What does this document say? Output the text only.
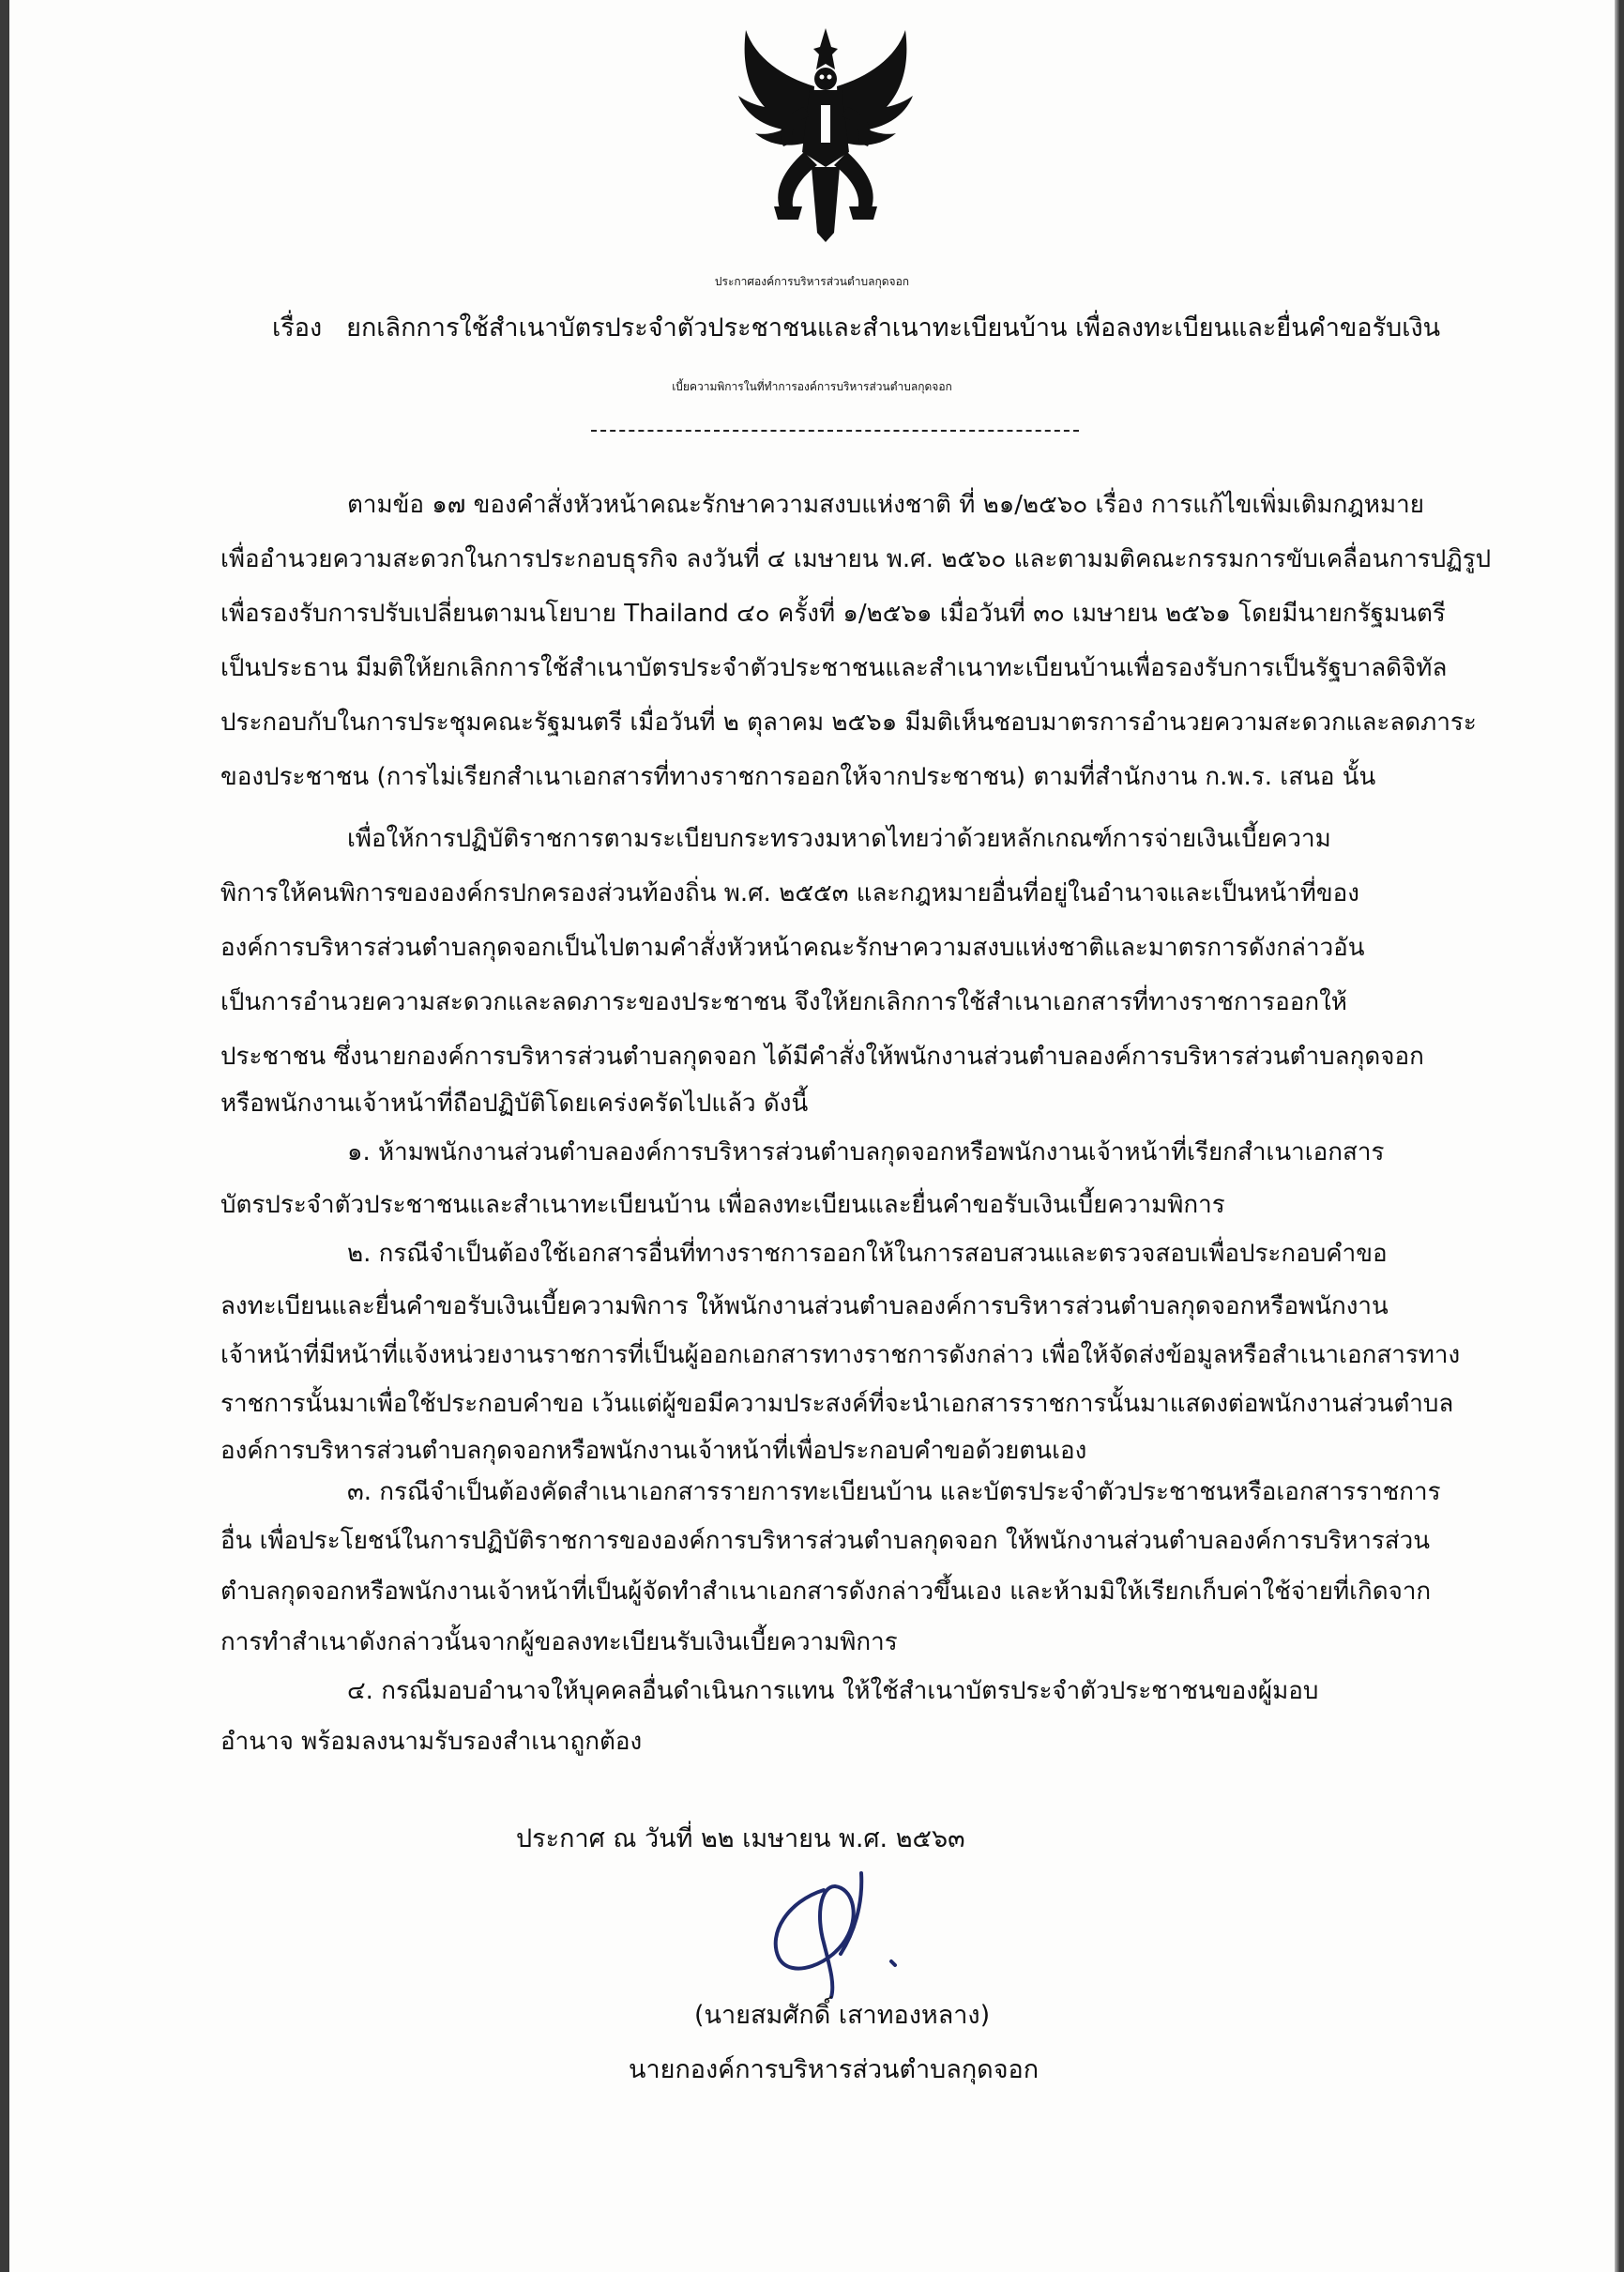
ประกาศองค์การบริหารส่วนตำบลกุดจอก
เรื่อง ยกเลิกการใช้สำเนาบัตรประจำตัวประชาชนและสำเนาทะเบียนบ้าน เพื่อลงทะเบียนและยื่นคำขอรับเงิน
เบี้ยความพิการในที่ทำการองค์การบริหารส่วนตำบลกุดจอก
ตามข้อ ๑๗ ของคำสั่งหัวหน้าคณะรักษาความสงบแห่งชาติ ที่ ๒๑/๒๕๖๐ เรื่อง การแก้ไขเพิ่มเติมกฎหมาย
เพื่ออำนวยความสะดวกในการประกอบธุรกิจ ลงวันที่ ๔ เมษายน พ.ศ. ๒๕๖๐ และตามมติคณะกรรมการขับเคลื่อนการปฏิรูป
เพื่อรองรับการปรับเปลี่ยนตามนโยบาย Thailand ๔๐ ครั้งที่ ๑/๒๕๖๑ เมื่อวันที่ ๓๐ เมษายน ๒๕๖๑ โดยมีนายกรัฐมนตรี
เป็นประธาน มีมติให้ยกเลิกการใช้สำเนาบัตรประจำตัวประชาชนและสำเนาทะเบียนบ้านเพื่อรองรับการเป็นรัฐบาลดิจิทัล
ประกอบกับในการประชุมคณะรัฐมนตรี เมื่อวันที่ ๒ ตุลาคม ๒๕๖๑ มีมติเห็นชอบมาตรการอำนวยความสะดวกและลดภาระ
ของประชาชน (การไม่เรียกสำเนาเอกสารที่ทางราชการออกให้จากประชาชน) ตามที่สำนักงาน ก.พ.ร. เสนอ นั้น
เพื่อให้การปฏิบัติราชการตามระเบียบกระทรวงมหาดไทยว่าด้วยหลักเกณฑ์การจ่ายเงินเบี้ยความ
พิการให้คนพิการขององค์กรปกครองส่วนท้องถิ่น พ.ศ. ๒๕๕๓ และกฎหมายอื่นที่อยู่ในอำนาจและเป็นหน้าที่ของ
องค์การบริหารส่วนตำบลกุดจอกเป็นไปตามคำสั่งหัวหน้าคณะรักษาความสงบแห่งชาติและมาตรการดังกล่าวอัน
เป็นการอำนวยความสะดวกและลดภาระของประชาชน จึงให้ยกเลิกการใช้สำเนาเอกสารที่ทางราชการออกให้
ประชาชน ซึ่งนายกองค์การบริหารส่วนตำบลกุดจอก ได้มีคำสั่งให้พนักงานส่วนตำบลองค์การบริหารส่วนตำบลกุดจอก
หรือพนักงานเจ้าหน้าที่ถือปฏิบัติโดยเคร่งครัดไปแล้ว ดังนี้
๑. ห้ามพนักงานส่วนตำบลองค์การบริหารส่วนตำบลกุดจอกหรือพนักงานเจ้าหน้าที่เรียกสำเนาเอกสาร
บัตรประจำตัวประชาชนและสำเนาทะเบียนบ้าน เพื่อลงทะเบียนและยื่นคำขอรับเงินเบี้ยความพิการ
๒. กรณีจำเป็นต้องใช้เอกสารอื่นที่ทางราชการออกให้ในการสอบสวนและตรวจสอบเพื่อประกอบคำขอ
ลงทะเบียนและยื่นคำขอรับเงินเบี้ยความพิการ ให้พนักงานส่วนตำบลองค์การบริหารส่วนตำบลกุดจอกหรือพนักงาน
เจ้าหน้าที่มีหน้าที่แจ้งหน่วยงานราชการที่เป็นผู้ออกเอกสารทางราชการดังกล่าว เพื่อให้จัดส่งข้อมูลหรือสำเนาเอกสารทาง
ราชการนั้นมาเพื่อใช้ประกอบคำขอ เว้นแต่ผู้ขอมีความประสงค์ที่จะนำเอกสารราชการนั้นมาแสดงต่อพนักงานส่วนตำบล
องค์การบริหารส่วนตำบลกุดจอกหรือพนักงานเจ้าหน้าที่เพื่อประกอบคำขอด้วยตนเอง
๓. กรณีจำเป็นต้องคัดสำเนาเอกสารรายการทะเบียนบ้าน และบัตรประจำตัวประชาชนหรือเอกสารราชการ
อื่น เพื่อประโยชน์ในการปฏิบัติราชการขององค์การบริหารส่วนตำบลกุดจอก ให้พนักงานส่วนตำบลองค์การบริหารส่วน
ตำบลกุดจอกหรือพนักงานเจ้าหน้าที่เป็นผู้จัดทำสำเนาเอกสารดังกล่าวขึ้นเอง และห้ามมิให้เรียกเก็บค่าใช้จ่ายที่เกิดจาก
การทำสำเนาดังกล่าวนั้นจากผู้ขอลงทะเบียนรับเงินเบี้ยความพิการ
๔. กรณีมอบอำนาจให้บุคคลอื่นดำเนินการแทน ให้ใช้สำเนาบัตรประจำตัวประชาชนของผู้มอบ
อำนาจ พร้อมลงนามรับรองสำเนาถูกต้อง
ประกาศ ณ วันที่ ๒๒ เมษายน พ.ศ. ๒๕๖๓
(นายสมศักดิ์ เสาทองหลาง)
นายกองค์การบริหารส่วนตำบลกุดจอก
